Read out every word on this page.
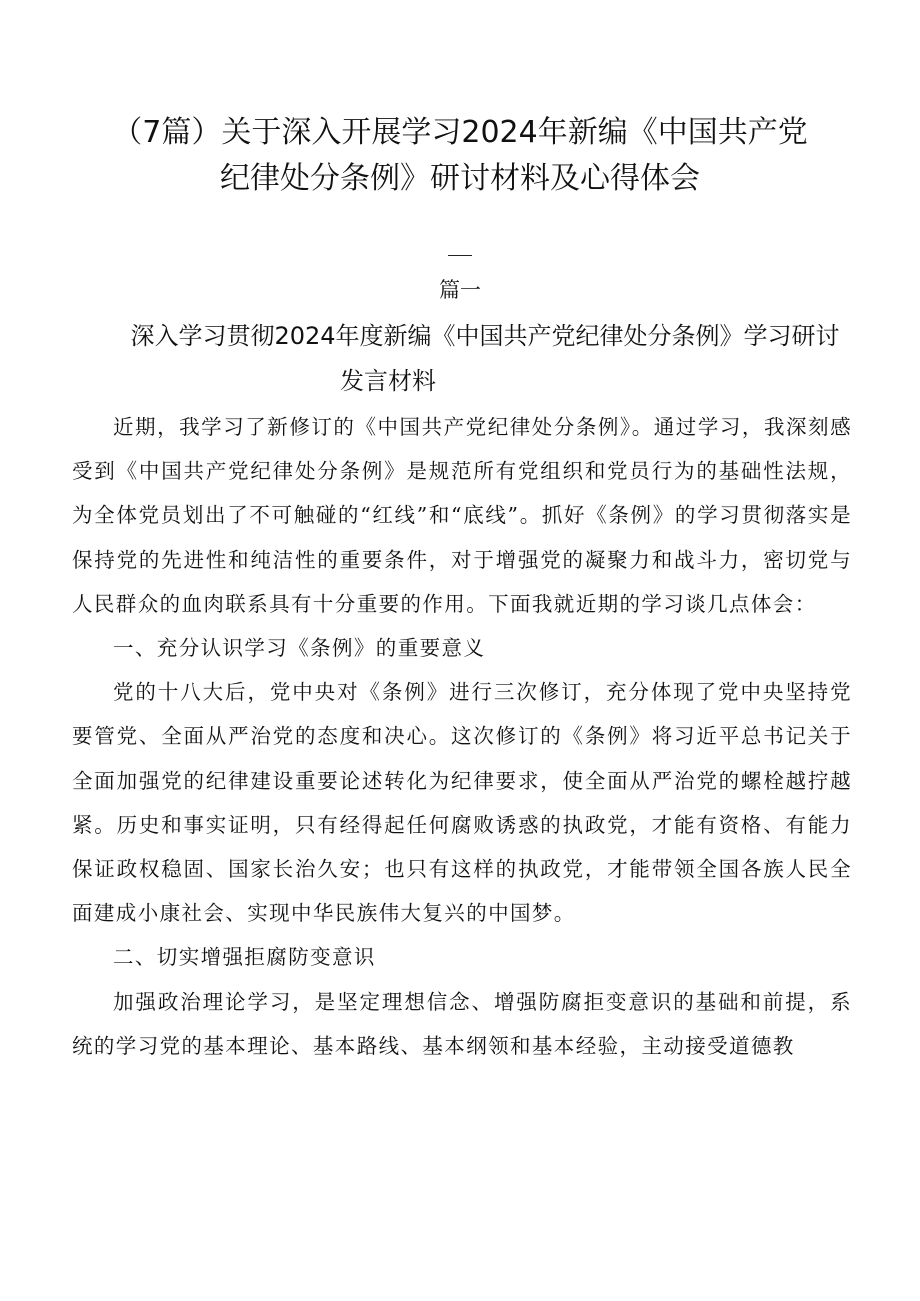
（7篇）关于深入开展学习2024年新编《中国共产党
纪律处分条例》研讨材料及心得体会
篇一
深入学习贯彻2024年度新编《中国共产党纪律处分条例》学习研讨
发言材料

近期，我学习了新修订的《中国共产党纪律处分条例》。通过学习，我深刻感受到《中国共产党纪律处分条例》是规范所有党组织和党员行为的基础性法规，为全体党员划出了不可触碰的“红线”和“底线”。抓好《条例》的学习贯彻落实是保持党的先进性和纯洁性的重要条件，对于增强党的凝聚力和战斗力，密切党与人民群众的血肉联系具有十分重要的作用。下面我就近期的学习谈几点体会：

一、充分认识学习《条例》的重要意义

党的十八大后，党中央对《条例》进行三次修订，充分体现了党中央坚持党要管党、全面从严治党的态度和决心。这次修订的《条例》将习近平总书记关于全面加强党的纪律建设重要论述转化为纪律要求，使全面从严治党的螺栓越拧越紧。历史和事实证明，只有经得起任何腐败诱惑的执政党，才能有资格、有能力保证政权稳固、国家长治久安；也只有这样的执政党，才能带领全国各族人民全面建成小康社会、实现中华民族伟大复兴的中国梦。

二、切实增强拒腐防变意识

加强政治理论学习，是坚定理想信念、增强防腐拒变意识的基础和前提，系统的学习党的基本理论、基本路线、基本纲领和基本经验，主动接受道德教
